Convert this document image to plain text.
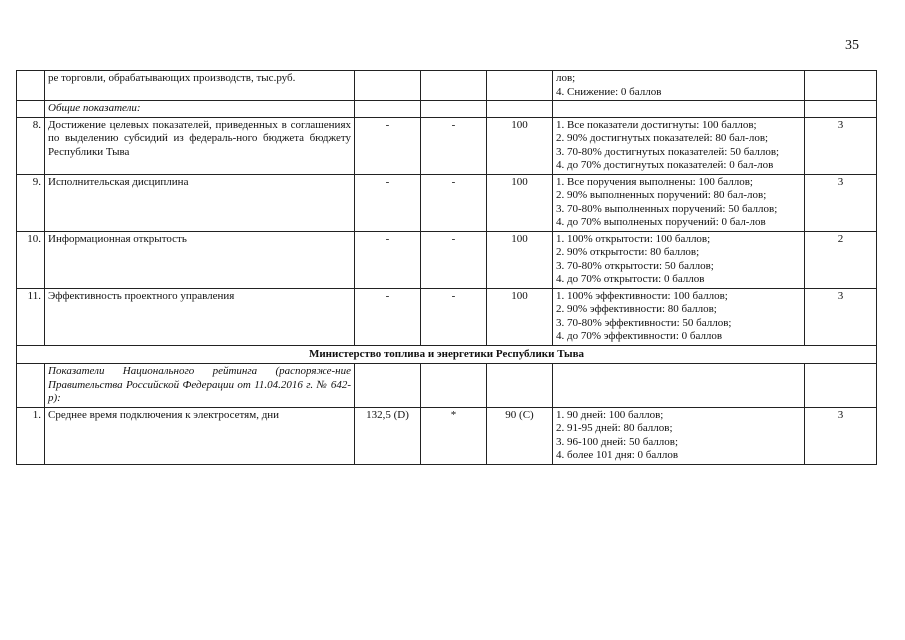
35
	ре торговли, обрабатывающих производств, тыс.руб.				лов;
4. Снижение: 0 баллов	

	Общие показатели:					
8.	Достижение целевых показателей, приведенных в соглашениях по выделению субсидий из федераль-ного бюджета бюджету Республики Тыва	-	-	100	1. Все показатели достигнуты: 100 баллов;
2. 90% достигнутых показателей: 80 бал-лов;
3. 70-80% достигнутых показателей: 50 баллов;
4. до 70% достигнутых показателей: 0 бал-лов	3
9.	Исполнительская дисциплина	-	-	100	1. Все поручения выполнены: 100 баллов;
2. 90% выполненных поручений: 80 бал-лов;
3. 70-80% выполненных поручений: 50 баллов;
4. до 70% выполненых поручений: 0 бал-лов	3
10.	Информационная открытость	-	-	100	1. 100% открытости: 100 баллов;
2. 90% открытости: 80 баллов;
3. 70-80% открытости: 50 баллов;
4. до 70% открытости: 0 баллов	2
11.	Эффективность проектного управления	-	-	100	1. 100% эффективности: 100 баллов;
2. 90% эффективности: 80 баллов;
3. 70-80% эффективности: 50 баллов;
4. до 70% эффективности: 0 баллов	3
Министерство топлива и энергетики Республики Тыва						
	Показатели Национального рейтинга (распоряже-ние Правительства Российской Федерации от 11.04.2016 г. № 642-р):					
1.	Среднее время подключения к электросетям, дни	132,5 (D)	*	90 (C)	1. 90 дней: 100 баллов;
2. 91-95 дней: 80 баллов;
3. 96-100 дней: 50 баллов;
4. более 101 дня: 0 баллов	3
